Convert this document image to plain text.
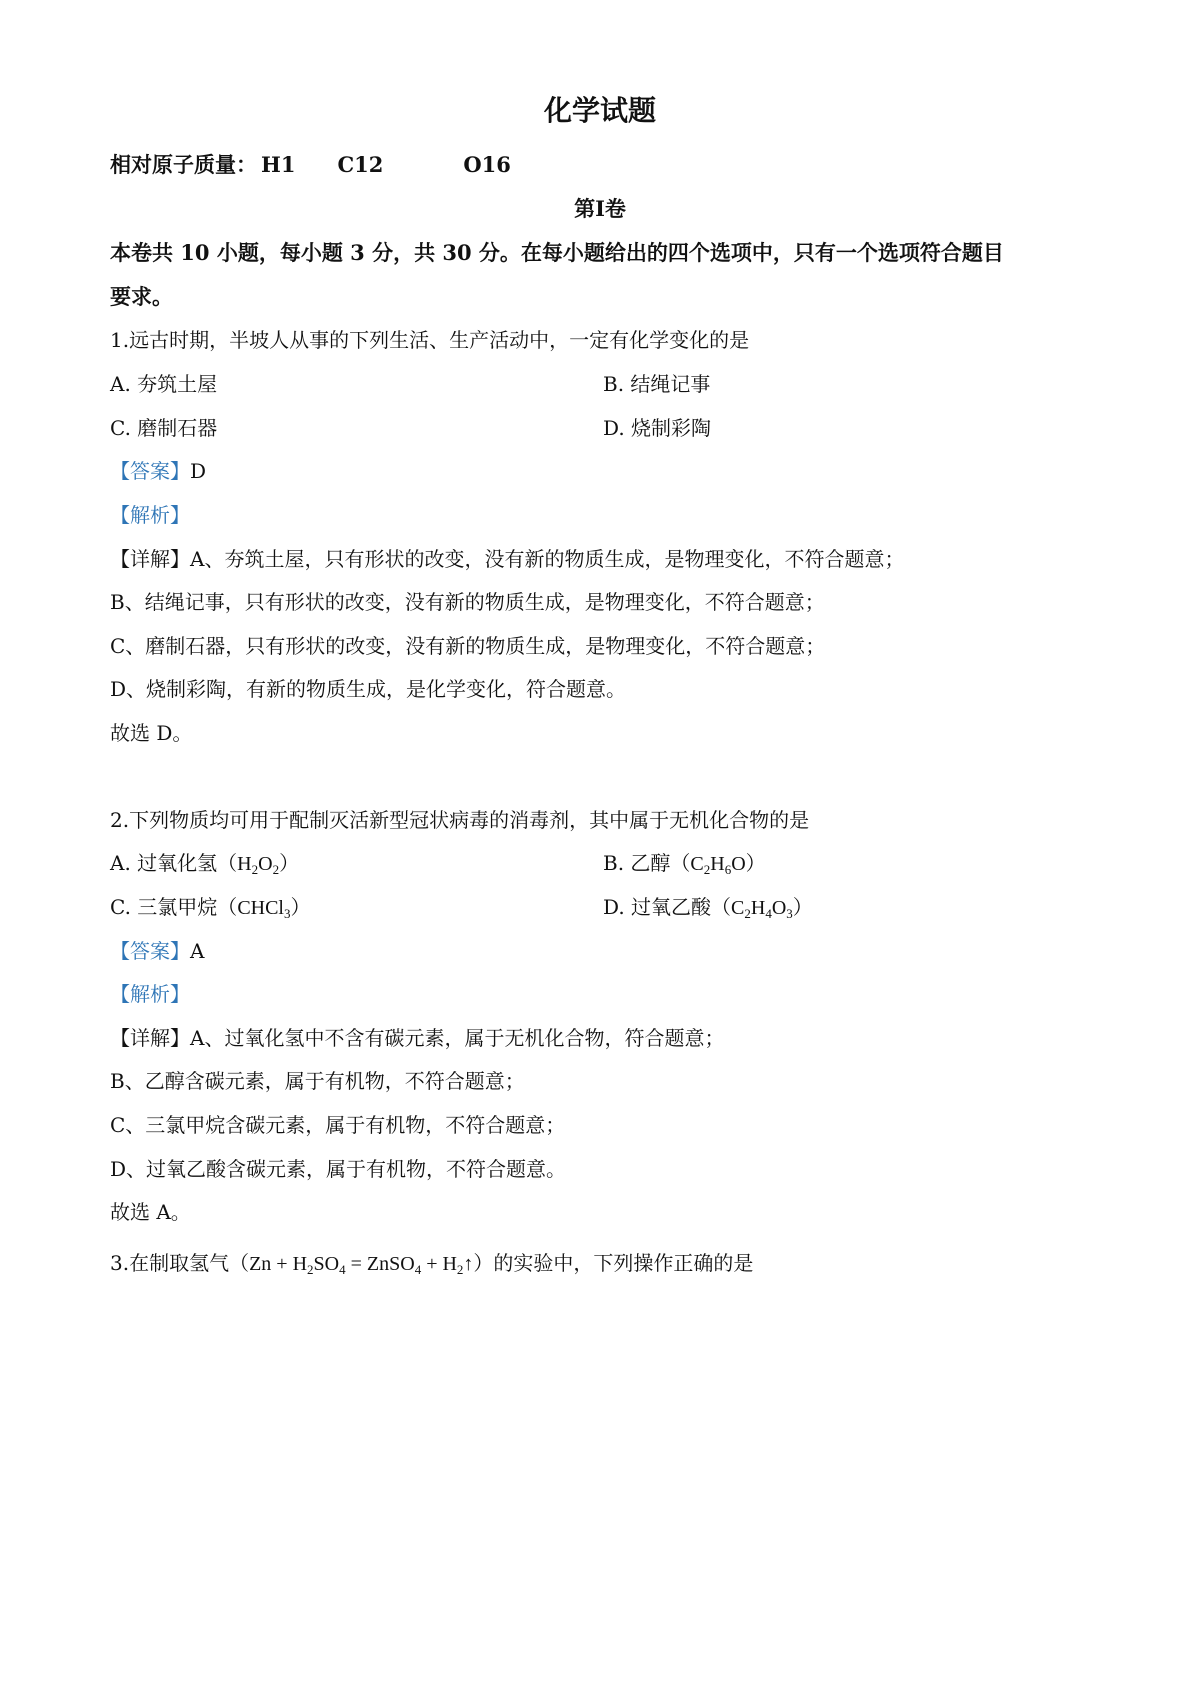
化学试题
相对原子质量： H1 C12	O16
第Ⅰ卷
本卷共 10 小题，每小题 3 分，共 30 分。在每小题给出的四个选项中，只有一个选项符合题目
要求。
1.远古时期，半坡人从事的下列生活、生产活动中，一定有化学变化的是
A. 夯筑土屋	B. 结绳记事
C. 磨制石器	D. 烧制彩陶
【答案】D
【解析】
【详解】A、夯筑土屋，只有形状的改变，没有新的物质生成，是物理变化，不符合题意；
B、结绳记事，只有形状的改变，没有新的物质生成，是物理变化，不符合题意；
C、磨制石器，只有形状的改变，没有新的物质生成，是物理变化，不符合题意；
D、烧制彩陶，有新的物质生成，是化学变化，符合题意。
故选 D。
2.下列物质均可用于配制灭活新型冠状病毒的消毒剂，其中属于无机化合物的是
A. 过氧化氢$(H_2O_2)$	B. 乙醇$(C_2H_6O)$
C. 三氯甲烷（CHCl$_3$）	D. 过氧乙酸$(C_2H_4O_3)$
【答案】A
【解析】
【详解】A、过氧化氢中不含有碳元素，属于无机化合物，符合题意；
B、乙醇含碳元素，属于有机物，不符合题意；
C、三氯甲烷含碳元素，属于有机物，不符合题意；
D、过氧乙酸含碳元素，属于有机物，不符合题意。
故选 A。
3.在制取氢气（$Zn + H_2SO_4$ = ZnSO$_4$ + $H_2↑$）的实验中，下列操作正确的是
